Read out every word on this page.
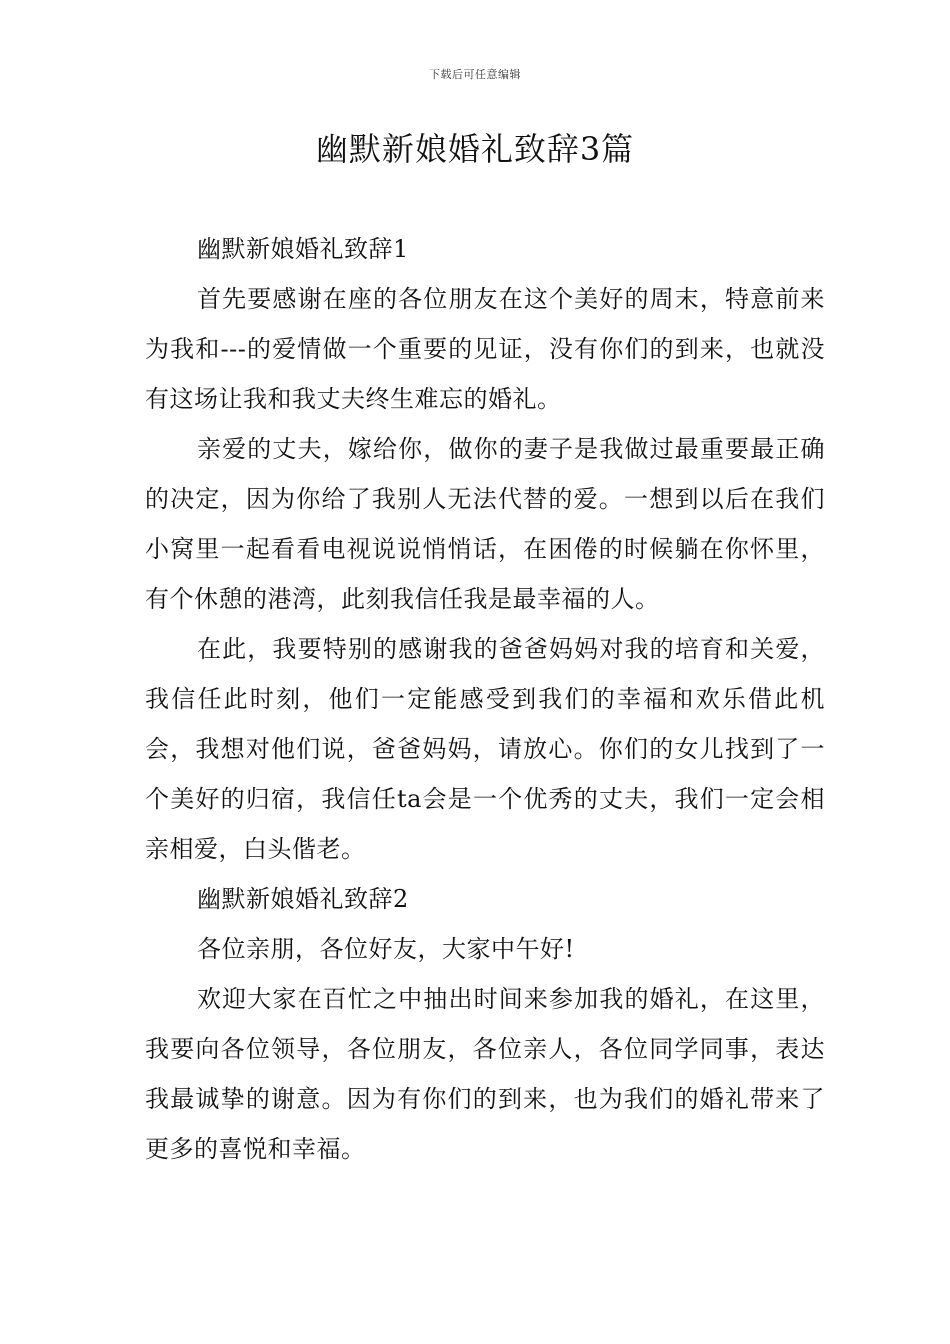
下载后可任意编辑
幽默新娘婚礼致辞3篇
幽默新娘婚礼致辞1

首先要感谢在座的各位朋友在这个美好的周末，特意前来为我和---的爱情做一个重要的见证，没有你们的到来，也就没有这场让我和我丈夫终生难忘的婚礼。

亲爱的丈夫，嫁给你，做你的妻子是我做过最重要最正确的决定，因为你给了我别人无法代替的爱。一想到以后在我们小窝里一起看看电视说说悄悄话，在困倦的时候躺在你怀里，有个休憩的港湾，此刻我信任我是最幸福的人。

在此，我要特别的感谢我的爸爸妈妈对我的培育和关爱，我信任此时刻，他们一定能感受到我们的幸福和欢乐借此机会，我想对他们说，爸爸妈妈，请放心。你们的女儿找到了一个美好的归宿，我信任ta会是一个优秀的丈夫，我们一定会相亲相爱，白头偕老。

幽默新娘婚礼致辞2

各位亲朋，各位好友，大家中午好!

欢迎大家在百忙之中抽出时间来参加我的婚礼，在这里，我要向各位领导，各位朋友，各位亲人，各位同学同事，表达我最诚挚的谢意。因为有你们的到来，也为我们的婚礼带来了更多的喜悦和幸福。
